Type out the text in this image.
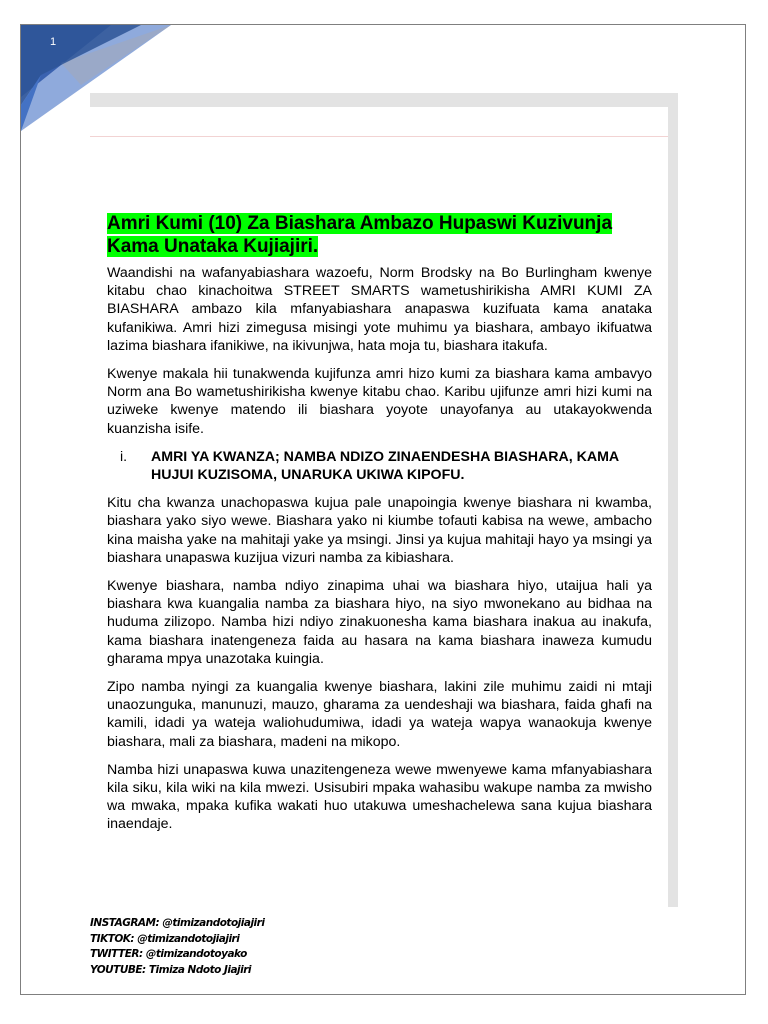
1
Amri Kumi (10) Za Biashara Ambazo Hupaswi Kuzivunja Kama Unataka Kujiajiri.

Waandishi na wafanyabiashara wazoefu, Norm Brodsky na Bo Burlingham kwenye kitabu chao kinachoitwa STREET SMARTS wametushirikisha AMRI KUMI ZA BIASHARA ambazo kila mfanyabiashara anapaswa kuzifuata kama anataka kufanikiwa. Amri hizi zimegusa misingi yote muhimu ya biashara, ambayo ikifuatwa lazima biashara ifanikiwe, na ikivunjwa, hata moja tu, biashara itakufa.

Kwenye makala hii tunakwenda kujifunza amri hizo kumi za biashara kama ambavyo Norm ana Bo wametushirikisha kwenye kitabu chao. Karibu ujifunze amri hizi kumi na uziweke kwenye matendo ili biashara yoyote unayofanya au utakayokwenda kuanzisha isife.

i.	AMRI YA KWANZA; NAMBA NDIZO ZINAENDESHA BIASHARA, KAMA HUJUI KUZISOMA, UNARUKA UKIWA KIPOFU.

Kitu cha kwanza unachopaswa kujua pale unapoingia kwenye biashara ni kwamba, biashara yako siyo wewe. Biashara yako ni kiumbe tofauti kabisa na wewe, ambacho kina maisha yake na mahitaji yake ya msingi. Jinsi ya kujua mahitaji hayo ya msingi ya biashara unapaswa kuzijua vizuri namba za kibiashara.

Kwenye biashara, namba ndiyo zinapima uhai wa biashara hiyo, utaijua hali ya biashara kwa kuangalia namba za biashara hiyo, na siyo mwonekano au bidhaa na huduma zilizopo. Namba hizi ndiyo zinakuonesha kama biashara inakua au inakufa, kama biashara inatengeneza faida au hasara na kama biashara inaweza kumudu gharama mpya unazotaka kuingia.

Zipo namba nyingi za kuangalia kwenye biashara, lakini zile muhimu zaidi ni mtaji unaozunguka, manunuzi, mauzo, gharama za uendeshaji wa biashara, faida ghafi na kamili, idadi ya wateja waliohudumiwa, idadi ya wateja wapya wanaokuja kwenye biashara, mali za biashara, madeni na mikopo.

Namba hizi unapaswa kuwa unazitengeneza wewe mwenyewe kama mfanyabiashara kila siku, kila wiki na kila mwezi. Usisubiri mpaka wahasibu wakupe namba za mwisho wa mwaka, mpaka kufika wakati huo utakuwa umeshachelewa sana kujua biashara inaendaje.

INSTAGRAM: @timizandotojiajiri
TIKTOK: @timizandotojiajiri
TWITTER: @timizandotoyako
YOUTUBE: Timiza Ndoto Jiajiri
